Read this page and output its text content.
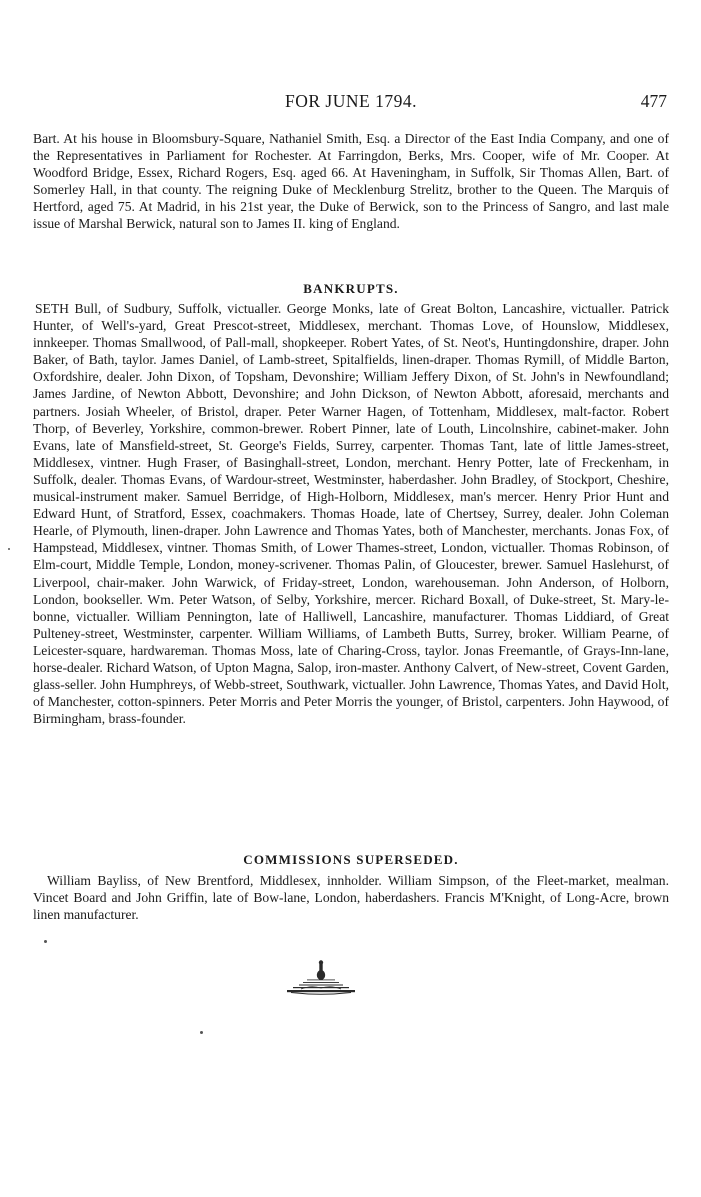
FOR JUNE 1794.	477

Bart. At his house in Bloomsbury-Square, Nathaniel Smith, Esq. a Director of the East India Company, and one of the Representatives in Parliament for Rochester. At Farringdon, Berks, Mrs. Cooper, wife of Mr. Cooper. At Woodford Bridge, Essex, Richard Rogers, Esq. aged 66. At Haveningham, in Suffolk, Sir Thomas Allen, Bart. of Somerley Hall, in that county. The reigning Duke of Mecklenburg Strelitz, brother to the Queen. The Marquis of Hertford, aged 75. At Madrid, in his 21st year, the Duke of Berwick, son to the Princess of Sangro, and last male issue of Marshal Berwick, natural son to James II. king of England.

BANKRUPTS.

SETH Bull, of Sudbury, Suffolk, victualler. George Monks, late of Great Bolton, Lancashire, victualler. Patrick Hunter, of Well's-yard, Great Prescot-street, Middlesex, merchant. Thomas Love, of Hounslow, Middlesex, innkeeper. Thomas Smallwood, of Pall-mall, shopkeeper. Robert Yates, of St. Neot's, Huntingdonshire, draper. John Baker, of Bath, taylor. James Daniel, of Lamb-street, Spitalfields, linen-draper. Thomas Rymill, of Middle Barton, Oxfordshire, dealer. John Dixon, of Topsham, Devonshire; William Jeffery Dixon, of St. John's in Newfoundland; James Jardine, of Newton Abbott, Devonshire; and John Dickson, of Newton Abbott, aforesaid, merchants and partners. Josiah Wheeler, of Bristol, draper. Peter Warner Hagen, of Tottenham, Middlesex, malt-factor. Robert Thorp, of Beverley, Yorkshire, common-brewer. Robert Pinner, late of Louth, Lincolnshire, cabinet-maker. John Evans, late of Mansfield-street, St. George's Fields, Surrey, carpenter. Thomas Tant, late of little James-street, Middlesex, vintner. Hugh Fraser, of Basinghall-street, London, merchant. Henry Potter, late of Freckenham, in Suffolk, dealer. Thomas Evans, of Wardour-street, Westminster, haberdasher. John Bradley, of Stockport, Cheshire, musical-instrument maker. Samuel Berridge, of High-Holborn, Middlesex, man's mercer. Henry Prior Hunt and Edward Hunt, of Stratford, Essex, coachmakers. Thomas Hoade, late of Chertsey, Surrey, dealer. John Coleman Hearle, of Plymouth, linen-draper. John Lawrence and Thomas Yates, both of Manchester, merchants. Jonas Fox, of Hampstead, Middlesex, vintner. Thomas Smith, of Lower Thames-street, London, victualler. Thomas Robinson, of Elm-court, Middle Temple, London, money-scrivener. Thomas Palin, of Gloucester, brewer. Samuel Haslehurst, of Liverpool, chair-maker. John Warwick, of Friday-street, London, warehouseman. John Anderson, of Holborn, London, bookseller. Wm. Peter Watson, of Selby, Yorkshire, mercer. Richard Boxall, of Duke-street, St. Mary-le-bonne, victualler. William Pennington, late of Halliwell, Lancashire, manufacturer. Thomas Liddiard, of Great Pulteney-street, Westminster, carpenter. William Williams, of Lambeth Butts, Surrey, broker. William Pearne, of Leicester-square, hardwareman. Thomas Moss, late of Charing-Cross, taylor. Jonas Freemantle, of Grays-Inn-lane, horse-dealer. Richard Watson, of Upton Magna, Salop, iron-master. Anthony Calvert, of New-street, Covent Garden, glass-seller. John Humphreys, of Webb-street, Southwark, victualler. John Lawrence, Thomas Yates, and David Holt, of Manchester, cotton-spinners. Peter Morris and Peter Morris the younger, of Bristol, carpenters. John Haywood, of Birmingham, brass-founder.

COMMISSIONS SUPERSEDED.

William Bayliss, of New Brentford, Middlesex, innholder. William Simpson, of the Fleet-market, mealman. Vincet Board and John Griffin, late of Bow-lane, London, haberdashers. Francis M'Knight, of Long-Acre, brown linen manufacturer.
